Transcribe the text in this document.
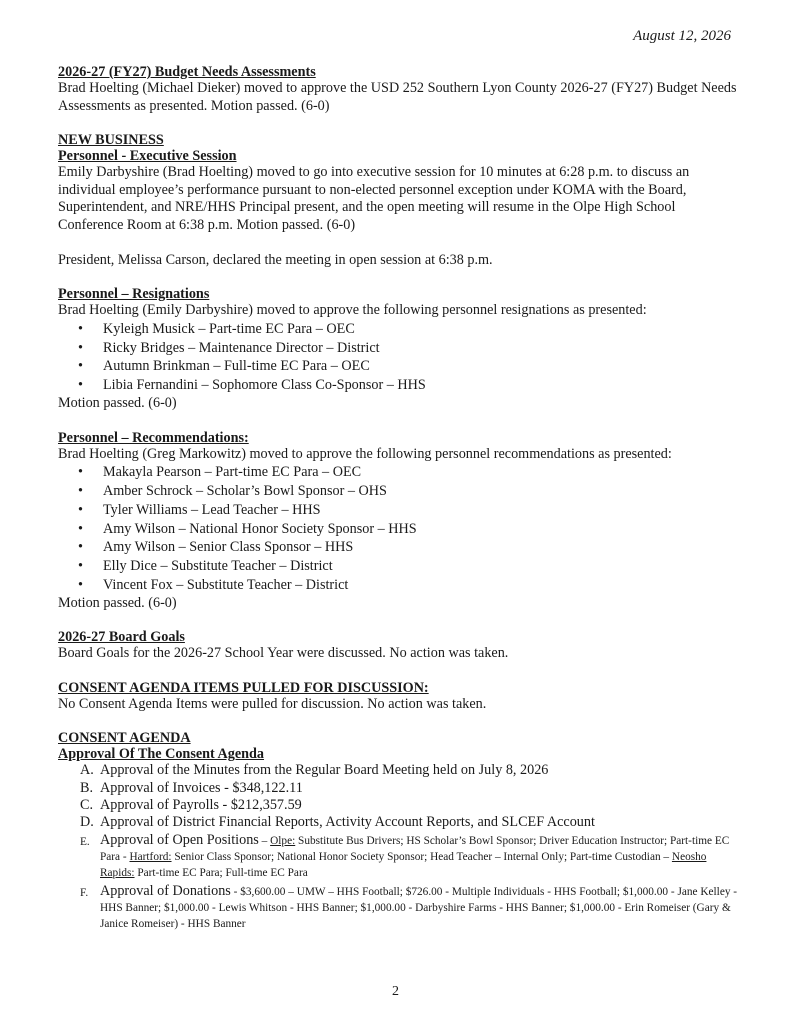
August 12, 2026
2026-27 (FY27) Budget Needs Assessments
Brad Hoelting (Michael Dieker) moved to approve the USD 252 Southern Lyon County 2026-27 (FY27) Budget Needs Assessments as presented. Motion passed. (6-0)
NEW BUSINESS
Personnel - Executive Session
Emily Darbyshire (Brad Hoelting) moved to go into executive session for 10 minutes at 6:28 p.m. to discuss an individual employee’s performance pursuant to non-elected personnel exception under KOMA with the Board, Superintendent, and NRE/HHS Principal present, and the open meeting will resume in the Olpe High School Conference Room at 6:38 p.m. Motion passed. (6-0)
President, Melissa Carson, declared the meeting in open session at 6:38 p.m.
Personnel – Resignations
Brad Hoelting (Emily Darbyshire) moved to approve the following personnel resignations as presented:
• Kyleigh Musick – Part-time EC Para – OEC
• Ricky Bridges – Maintenance Director – District
• Autumn Brinkman – Full-time EC Para – OEC
• Libia Fernandini – Sophomore Class Co-Sponsor – HHS
Motion passed. (6-0)
Personnel – Recommendations:
Brad Hoelting (Greg Markowitz) moved to approve the following personnel recommendations as presented:
• Makayla Pearson – Part-time EC Para – OEC
• Amber Schrock – Scholar’s Bowl Sponsor – OHS
• Tyler Williams – Lead Teacher – HHS
• Amy Wilson – National Honor Society Sponsor – HHS
• Amy Wilson – Senior Class Sponsor – HHS
• Elly Dice – Substitute Teacher – District
• Vincent Fox – Substitute Teacher – District
Motion passed. (6-0)
2026-27 Board Goals
Board Goals for the 2026-27 School Year were discussed. No action was taken.
CONSENT AGENDA ITEMS PULLED FOR DISCUSSION:
No Consent Agenda Items were pulled for discussion. No action was taken.
CONSENT AGENDA
Approval Of The Consent Agenda
A. Approval of the Minutes from the Regular Board Meeting held on July 8, 2026
B. Approval of Invoices - $348,122.11
C. Approval of Payrolls - $212,357.59
D. Approval of District Financial Reports, Activity Account Reports, and SLCEF Account
E. Approval of Open Positions – Olpe: Substitute Bus Drivers; HS Scholar’s Bowl Sponsor; Driver Education Instructor; Part-time EC Para - Hartford: Senior Class Sponsor; National Honor Society Sponsor; Head Teacher – Internal Only; Part-time Custodian – Neosho Rapids: Part-time EC Para; Full-time EC Para
F. Approval of Donations - $3,600.00 – UMW – HHS Football; $726.00 - Multiple Individuals - HHS Football; $1,000.00 - Jane Kelley - HHS Banner; $1,000.00 - Lewis Whitson - HHS Banner; $1,000.00 - Darbyshire Farms - HHS Banner; $1,000.00 - Erin Romeiser (Gary & Janice Romeiser) - HHS Banner
2
